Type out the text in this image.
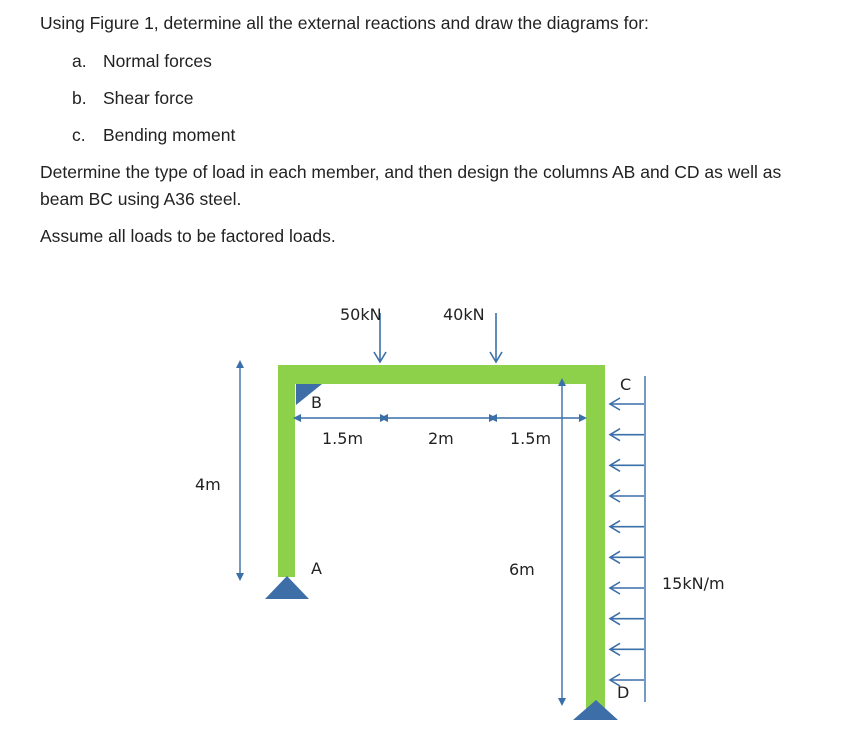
Using Figure 1, determine all the external reactions and draw the diagrams for:
a. Normal forces
b. Shear force
c. Bending moment
Determine the type of load in each member, and then design the columns AB and CD as well as
beam BC using A36 steel.
Assume all loads to be factored loads.
50kN	40kN
B
A
C
D
1.5m	2m	1.5m
4m
6m
15kN/m
